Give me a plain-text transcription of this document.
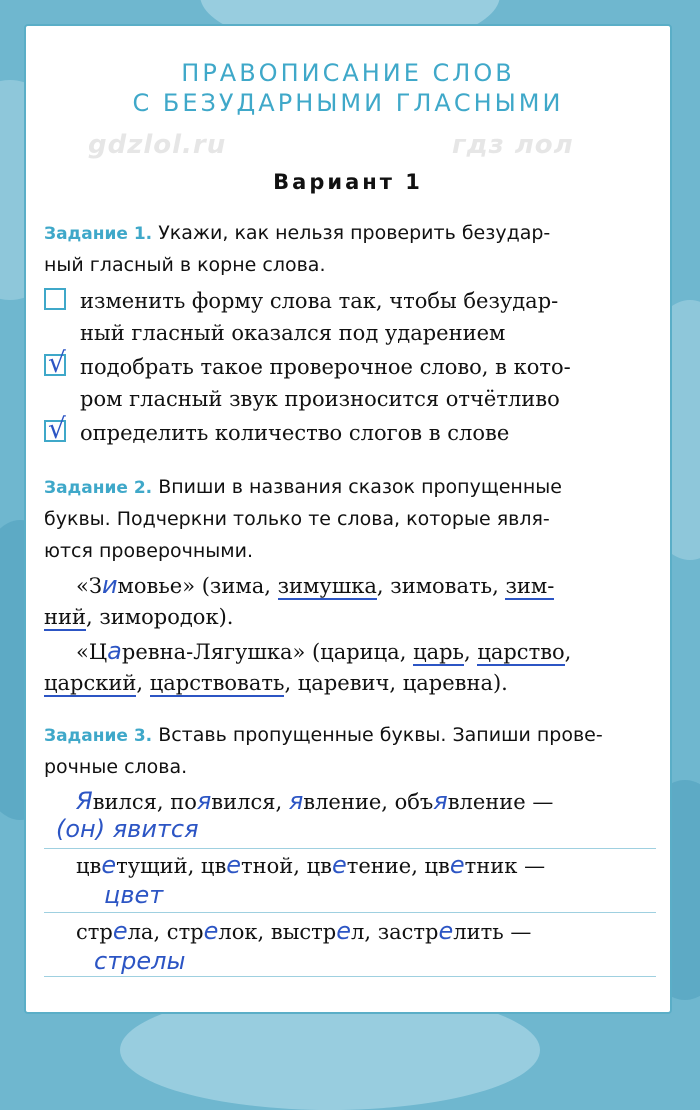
gdzlol.ru	гдз лол
ПРАВОПИСАНИЕ СЛОВ
С БЕЗУДАРНЫМИ ГЛАСНЫМИ
Вариант 1
Задание 1. Укажи, как нельзя проверить безудар-
ный гласный в корне слова.
изменить форму слова так, чтобы безудар-
ный гласный оказался под ударением
√ подобрать такое проверочное слово, в кото-
ром гласный звук произносится отчётливо
√ определить количество слогов в слове
Задание 2. Впиши в названия сказок пропущенные
буквы. Подчеркни только те слова, которые явля-
ются проверочными.
«Зимовье» (зима, зимушка, зимовать, зим-
ний, зимородок).
«Царевна-Лягушка» (царица, царь, царство,
царский, царствовать, царевич, царевна).
Задание 3. Вставь пропущенные буквы. Запиши прове-
рочные слова.
Явился, появился, явление, объявление —
(он) явится
цветущий, цветной, цветение, цветник —
цвет
стрела, стрелок, выстрел, застрелить —
стрелы
